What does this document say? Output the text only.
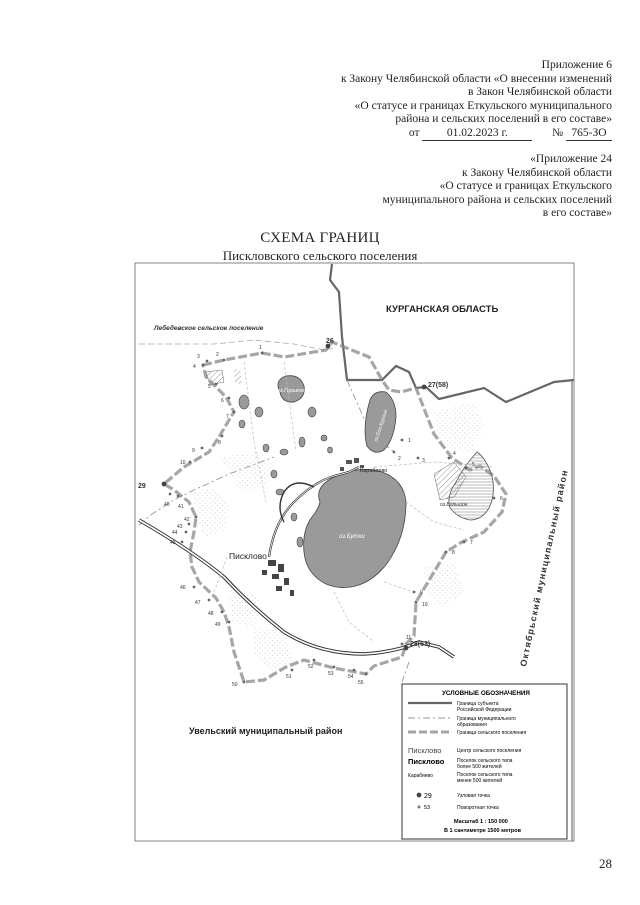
Приложение 6
к Закону Челябинской области «О внесении изменений
в Закон Челябинской области
«О статусе и границах Еткульского муниципального
района и сельских поселений в его составе»
от 01.02.2023 г.	№ 765-ЗО
«Приложение 24
к Закону Челябинской области
«О статусе и границах Еткульского
муниципального района и сельских поселений
в его составе»
СХЕМА ГРАНИЦ
Пискловского сельского поселения
КУРГАНСКАЯ ОБЛАСТЬ
Лебедевское сельское поселение
Октябрьский муниципальный район
Увельский муниципальный район
оз.Горькое
оз.Бутки
оз.Бол.Курлык
оз.Большое
Писклово
Карабяево
26
27(58)
28(63)
29
1
2
3
4
5
6
7
8
9
10
40 41
42
43
44
45
46
47
48
49
50
51
52
53	54
55
1
2	3
4
5
6
7
8
9
10
11
УСЛОВНЫЕ ОБОЗНАЧЕНИЯ
Граница субъекта
Российской Федерации
Граница муниципального
образования
Граница сельского поселения
Писклово	Центр сельского поселения
Писклово	Поселок сельского типа
более 500 жителей
Карабяево	Поселок сельского типа
менее 500 жителей
29	Узловая точка
53	Поворотная точка
Масштаб 1 : 150 000
В 1 сантиметре 1500 метров
28
